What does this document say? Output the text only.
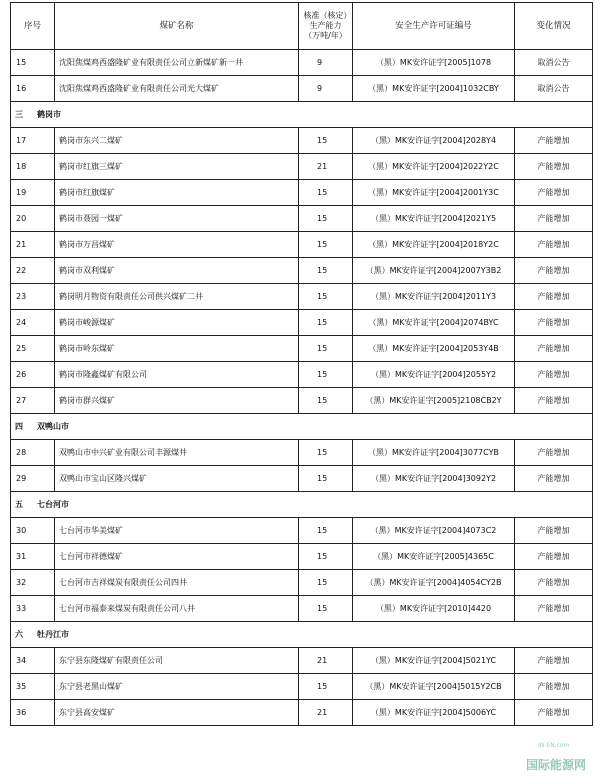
序号	煤矿名称	核准（核定）生产能力（万吨/年）	安全生产许可证编号	变化情况
15	沈阳焦煤鸡西盛隆矿业有限责任公司立新煤矿新一井	9	（黑）MK安许证字[2005]1078	取消公告
16	沈阳焦煤鸡西盛隆矿业有限责任公司光大煤矿	9	（黑）MK安许证字[2004]1032CBY	取消公告
三 鹤岗市				
17	鹤岗市东兴二煤矿	15	（黑）MK安许证字[2004]2028Y4	产能增加
18	鹤岗市红旗三煤矿	21	（黑）MK安许证字[2004]2022Y2C	产能增加
19	鹤岗市红旗煤矿	15	（黑）MK安许证字[2004]2001Y3C	产能增加
20	鹤岗市聂园一煤矿	15	（黑）MK安许证字[2004]2021Y5	产能增加
21	鹤岗市万昌煤矿	15	（黑）MK安许证字[2004]2018Y2C	产能增加
22	鹤岗市双利煤矿	15	（黑）MK安许证字[2004]2007Y3B2	产能增加
23	鹤岗明月物资有限责任公司供兴煤矿二井	15	（黑）MK安许证字[2004]2011Y3	产能增加
24	鹤岗市峻源煤矿	15	（黑）MK安许证字[2004]2074BYC	产能增加
25	鹤岗市岭东煤矿	15	（黑）MK安许证字[2004]2053Y4B	产能增加
26	鹤岗市隆鑫煤矿有限公司	15	（黑）MK安许证字[2004]2055Y2	产能增加
27	鹤岗市群兴煤矿	15	（黑）MK安许证字[2005]2108CB2Y	产能增加
四 双鸭山市				
28	双鸭山市中兴矿业有限公司丰源煤井	15	（黑）MK安许证字[2004]3077CYB	产能增加
29	双鸭山市宝山区隆兴煤矿	15	（黑）MK安许证字[2004]3092Y2	产能增加
五 七台河市				
30	七台河市华美煤矿	15	（黑）MK安许证字[2004]4073C2	产能增加
31	七台河市祥德煤矿	15	（黑）MK安许证字[2005]4365C	产能增加
32	七台河市吉祥煤炭有限责任公司四井	15	（黑）MK安许证字[2004]4054CY2B	产能增加
33	七台河市福泰来煤炭有限责任公司八井	15	（黑）MK安许证字[2010]4420	产能增加
六 牡丹江市				
34	东宁县东隆煤矿有限责任公司	21	（黑）MK安许证字[2004]5021YC	产能增加
35	东宁县老黑山煤矿	15	（黑）MK安许证字[2004]5015Y2CB	产能增加
36	东宁县高安煤矿	21	（黑）MK安许证字[2004]5006YC	产能增加
IN-EN.com
国际能源网
